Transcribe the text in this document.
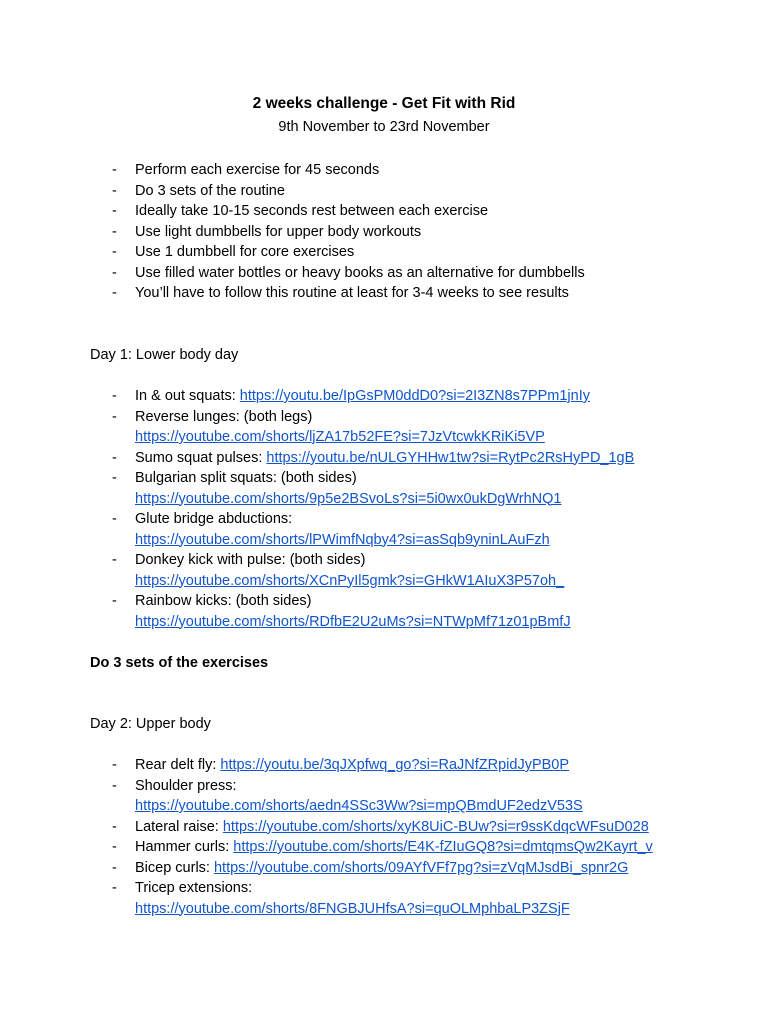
2 weeks challenge - Get Fit with Rid
9th November to 23rd November
- Perform each exercise for 45 seconds
- Do 3 sets of the routine
- Ideally take 10-15 seconds rest between each exercise
- Use light dumbbells for upper body workouts
- Use 1 dumbbell for core exercises
- Use filled water bottles or heavy books as an alternative for dumbbells
- You’ll have to follow this routine at least for 3-4 weeks to see results
Day 1: Lower body day
- In & out squats: https://youtu.be/IpGsPM0ddD0?si=2I3ZN8s7PPm1jnIy
- Reverse lunges: (both legs)
https://youtube.com/shorts/ljZA17b52FE?si=7JzVtcwkKRiKi5VP
- Sumo squat pulses: https://youtu.be/nULGYHHw1tw?si=RytPc2RsHyPD_1gB
- Bulgarian split squats: (both sides)
https://youtube.com/shorts/9p5e2BSvoLs?si=5i0wx0ukDgWrhNQ1
- Glute bridge abductions:
https://youtube.com/shorts/lPWimfNqby4?si=asSqb9yninLAuFzh
- Donkey kick with pulse: (both sides)
https://youtube.com/shorts/XCnPyIl5gmk?si=GHkW1AIuX3P57oh_
- Rainbow kicks: (both sides)
https://youtube.com/shorts/RDfbE2U2uMs?si=NTWpMf71z01pBmfJ
Do 3 sets of the exercises
Day 2: Upper body
- Rear delt fly: https://youtu.be/3qJXpfwq_go?si=RaJNfZRpidJyPB0P
- Shoulder press:
https://youtube.com/shorts/aedn4SSc3Ww?si=mpQBmdUF2edzV53S
- Lateral raise: https://youtube.com/shorts/xyK8UiC-BUw?si=r9ssKdqcWFsuD028
- Hammer curls: https://youtube.com/shorts/E4K-fZIuGQ8?si=dmtqmsQw2Kayrt_v
- Bicep curls: https://youtube.com/shorts/09AYfVFf7pg?si=zVqMJsdBi_spnr2G
- Tricep extensions:
https://youtube.com/shorts/8FNGBJUHfsA?si=quOLMphbaLP3ZSjF
